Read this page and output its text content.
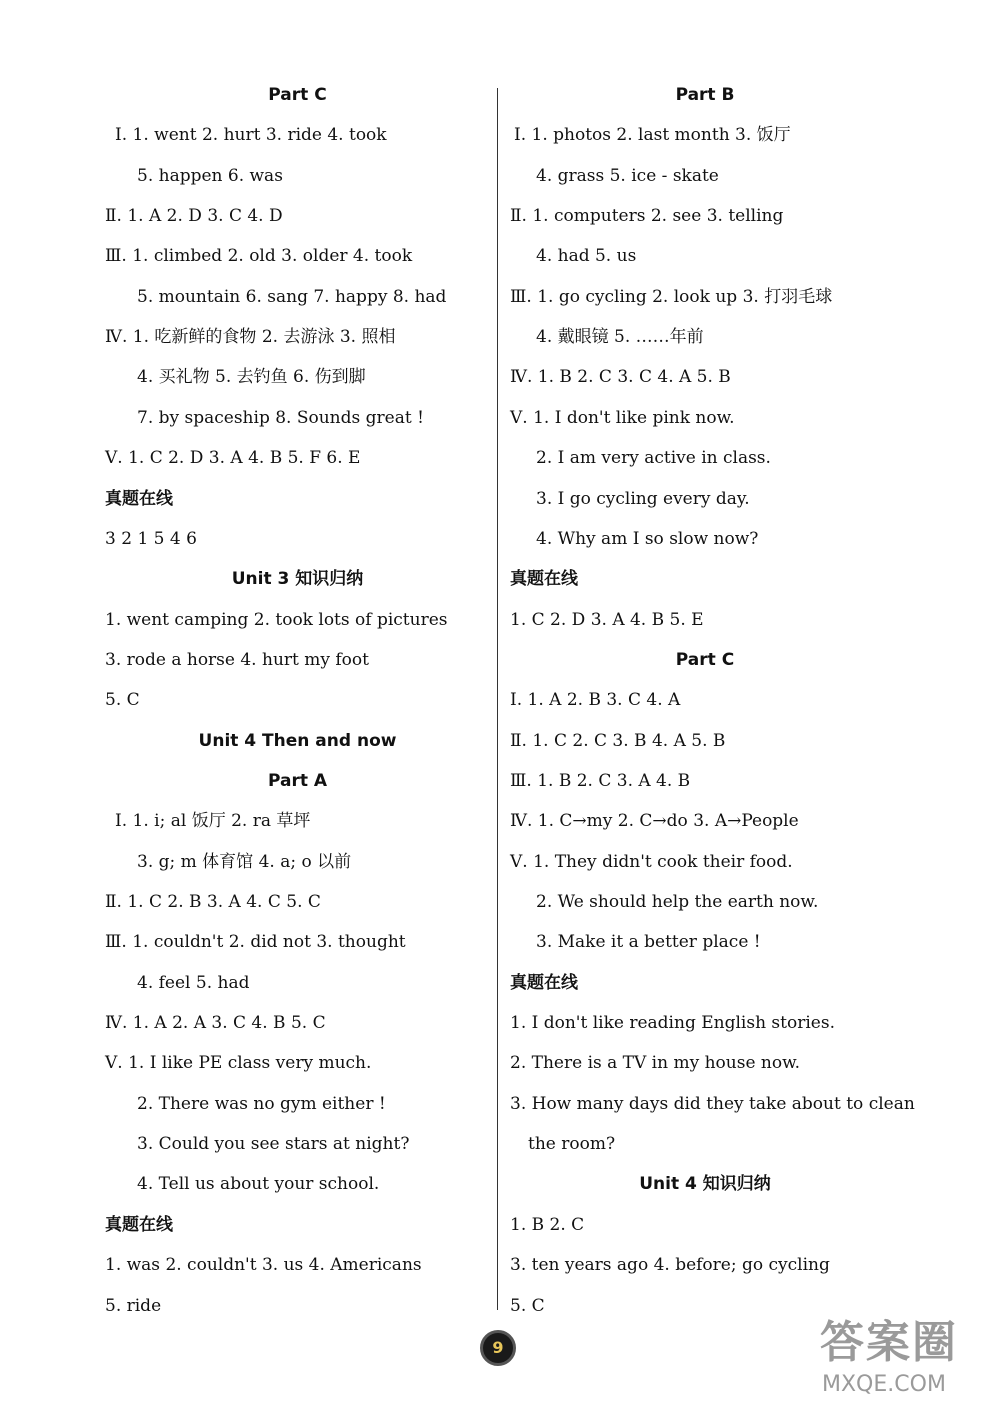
Part C
Ⅰ. 1. went 2. hurt 3. ride 4. took
5. happen 6. was
Ⅱ. 1. A 2. D 3. C 4. D
Ⅲ. 1. climbed 2. old 3. older 4. took
5. mountain 6. sang 7. happy 8. had
Ⅳ. 1. 吃新鲜的食物 2. 去游泳 3. 照相
4. 买礼物 5. 去钓鱼 6. 伤到脚
7. by spaceship 8. Sounds great !
Ⅴ. 1. C 2. D 3. A 4. B 5. F 6. E
真题在线
3 2 1 5 4 6
Unit 3 知识归纳
1. went camping 2. took lots of pictures
3. rode a horse 4. hurt my foot
5. C
Unit 4 Then and now
Part A
Ⅰ. 1. i; al 饭厅 2. ra 草坪
3. g; m 体育馆 4. a; o 以前
Ⅱ. 1. C 2. B 3. A 4. C 5. C
Ⅲ. 1. couldn't 2. did not 3. thought
4. feel 5. had
Ⅳ. 1. A 2. A 3. C 4. B 5. C
Ⅴ. 1. I like PE class very much.
2. There was no gym either !
3. Could you see stars at night?
4. Tell us about your school.
真题在线
1. was 2. couldn't 3. us 4. Americans
5. ride
Part B
Ⅰ. 1. photos 2. last month 3. 饭厅
4. grass 5. ice - skate
Ⅱ. 1. computers 2. see 3. telling
4. had 5. us
Ⅲ. 1. go cycling 2. look up 3. 打羽毛球
4. 戴眼镜 5. ……年前
Ⅳ. 1. B 2. C 3. C 4. A 5. B
Ⅴ. 1. I don't like pink now.
2. I am very active in class.
3. I go cycling every day.
4. Why am I so slow now?
真题在线
1. C 2. D 3. A 4. B 5. E
Part C
Ⅰ. 1. A 2. B 3. C 4. A
Ⅱ. 1. C 2. C 3. B 4. A 5. B
Ⅲ. 1. B 2. C 3. A 4. B
Ⅳ. 1. C→my 2. C→do 3. A→People
Ⅴ. 1. They didn't cook their food.
2. We should help the earth now.
3. Make it a better place !
真题在线
1. I don't like reading English stories.
2. There is a TV in my house now.
3. How many days did they take about to clean
the room?
Unit 4 知识归纳
1. B 2. C
3. ten years ago 4. before; go cycling
5. C
9	答案圈
MXQE.COM
